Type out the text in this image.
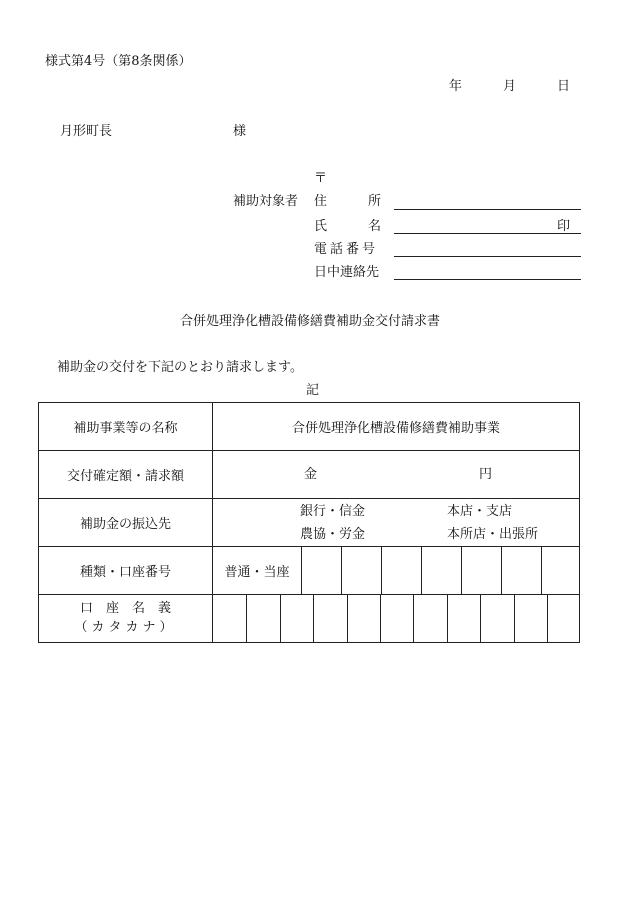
様式第4号（第8条関係）
年	月	日
月形町長	様
〒
補助対象者 住	所
氏	名	印
電話番号
日中連絡先
合併処理浄化槽設備修繕費補助金交付請求書
補助金の交付を下記のとおり請求します。
記
補助事業等の名称	合併処理浄化槽設備修繕費補助事業
交付確定額・請求額	金 円

補助金の振込先	銀行・信金 本店・支店
農協・労金 本所店・出張所

種類・口座番号	普通・当座

口　座　名　義
（カタカナ）	
